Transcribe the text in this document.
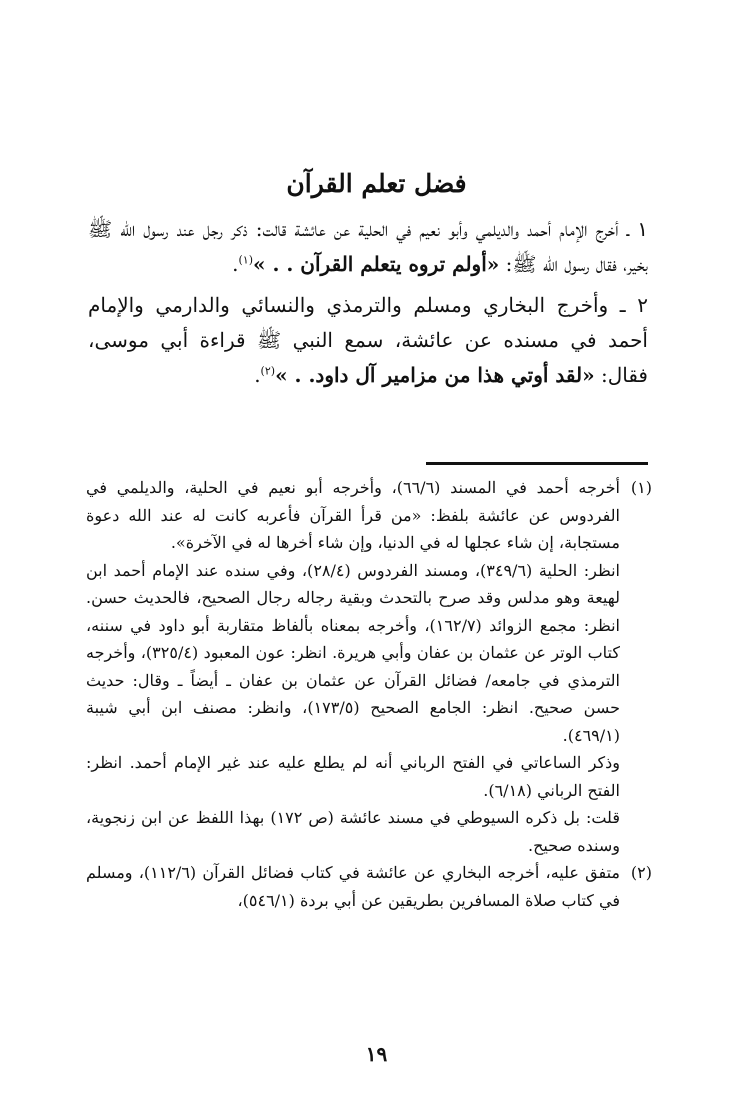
فضل تعلم القرآن

١ ـ أخرج الإمام أحمد والديلمي وأبو نعيم في الحلية عن عائشة قالت: ذكر رجل عند رسول الله ﷺ بخير، فقال رسول الله ﷺ: «أولم تروه يتعلم القرآن . . »$^{(١)}$.

٢ ـ وأخرج البخاري ومسلم والترمذي والنسائي والدارمي والإمام أحمد في مسنده عن عائشة، سمع النبي ﷺ قراءة أبي موسى، فقال: «لقد أوتي هذا من مزامير آل داود. . »$^{(٢)}$.

(١)

أخرجه أحمد في المسند (٦٦/٦)، وأخرجه أبو نعيم في الحلية، والديلمي في الفردوس عن عائشة بلفظ: «من قرأ القرآن فأعربه كانت له عند الله دعوة مستجابة، إن شاء عجلها له في الدنيا، وإن شاء أخرها له في الآخرة».

انظر: الحلية (٣٤٩/٦)، ومسند الفردوس (٢٨/٤)، وفي سنده عند الإمام أحمد ابن لهيعة وهو مدلس وقد صرح بالتحدث وبقية رجاله رجال الصحيح، فالحديث حسن. انظر: مجمع الزوائد (١٦٢/٧)، وأخرجه بمعناه بألفاظ متقاربة أبو داود في سننه، كتاب الوتر عن عثمان بن عفان وأبي هريرة. انظر: عون المعبود (٣٢٥/٤)، وأخرجه الترمذي في جامعه/ فضائل القرآن عن عثمان بن عفان ـ أيضاً ـ وقال: حديث حسن صحيح. انظر: الجامع الصحيح (١٧٣/٥)، وانظر: مصنف ابن أبي شيبة (٤٦٩/١).

وذكر الساعاتي في الفتح الرباني أنه لم يطلع عليه عند غير الإمام أحمد. انظر: الفتح الرباني (٦/١٨).

قلت: بل ذكره السيوطي في مسند عائشة (ص ١٧٢) بهذا اللفظ عن ابن زنجوية، وسنده صحيح.

(٢)

متفق عليه، أخرجه البخاري عن عائشة في كتاب فضائل القرآن (١١٢/٦)، ومسلم في كتاب صلاة المسافرين بطريقين عن أبي بردة (٥٤٦/١)،

١٩
